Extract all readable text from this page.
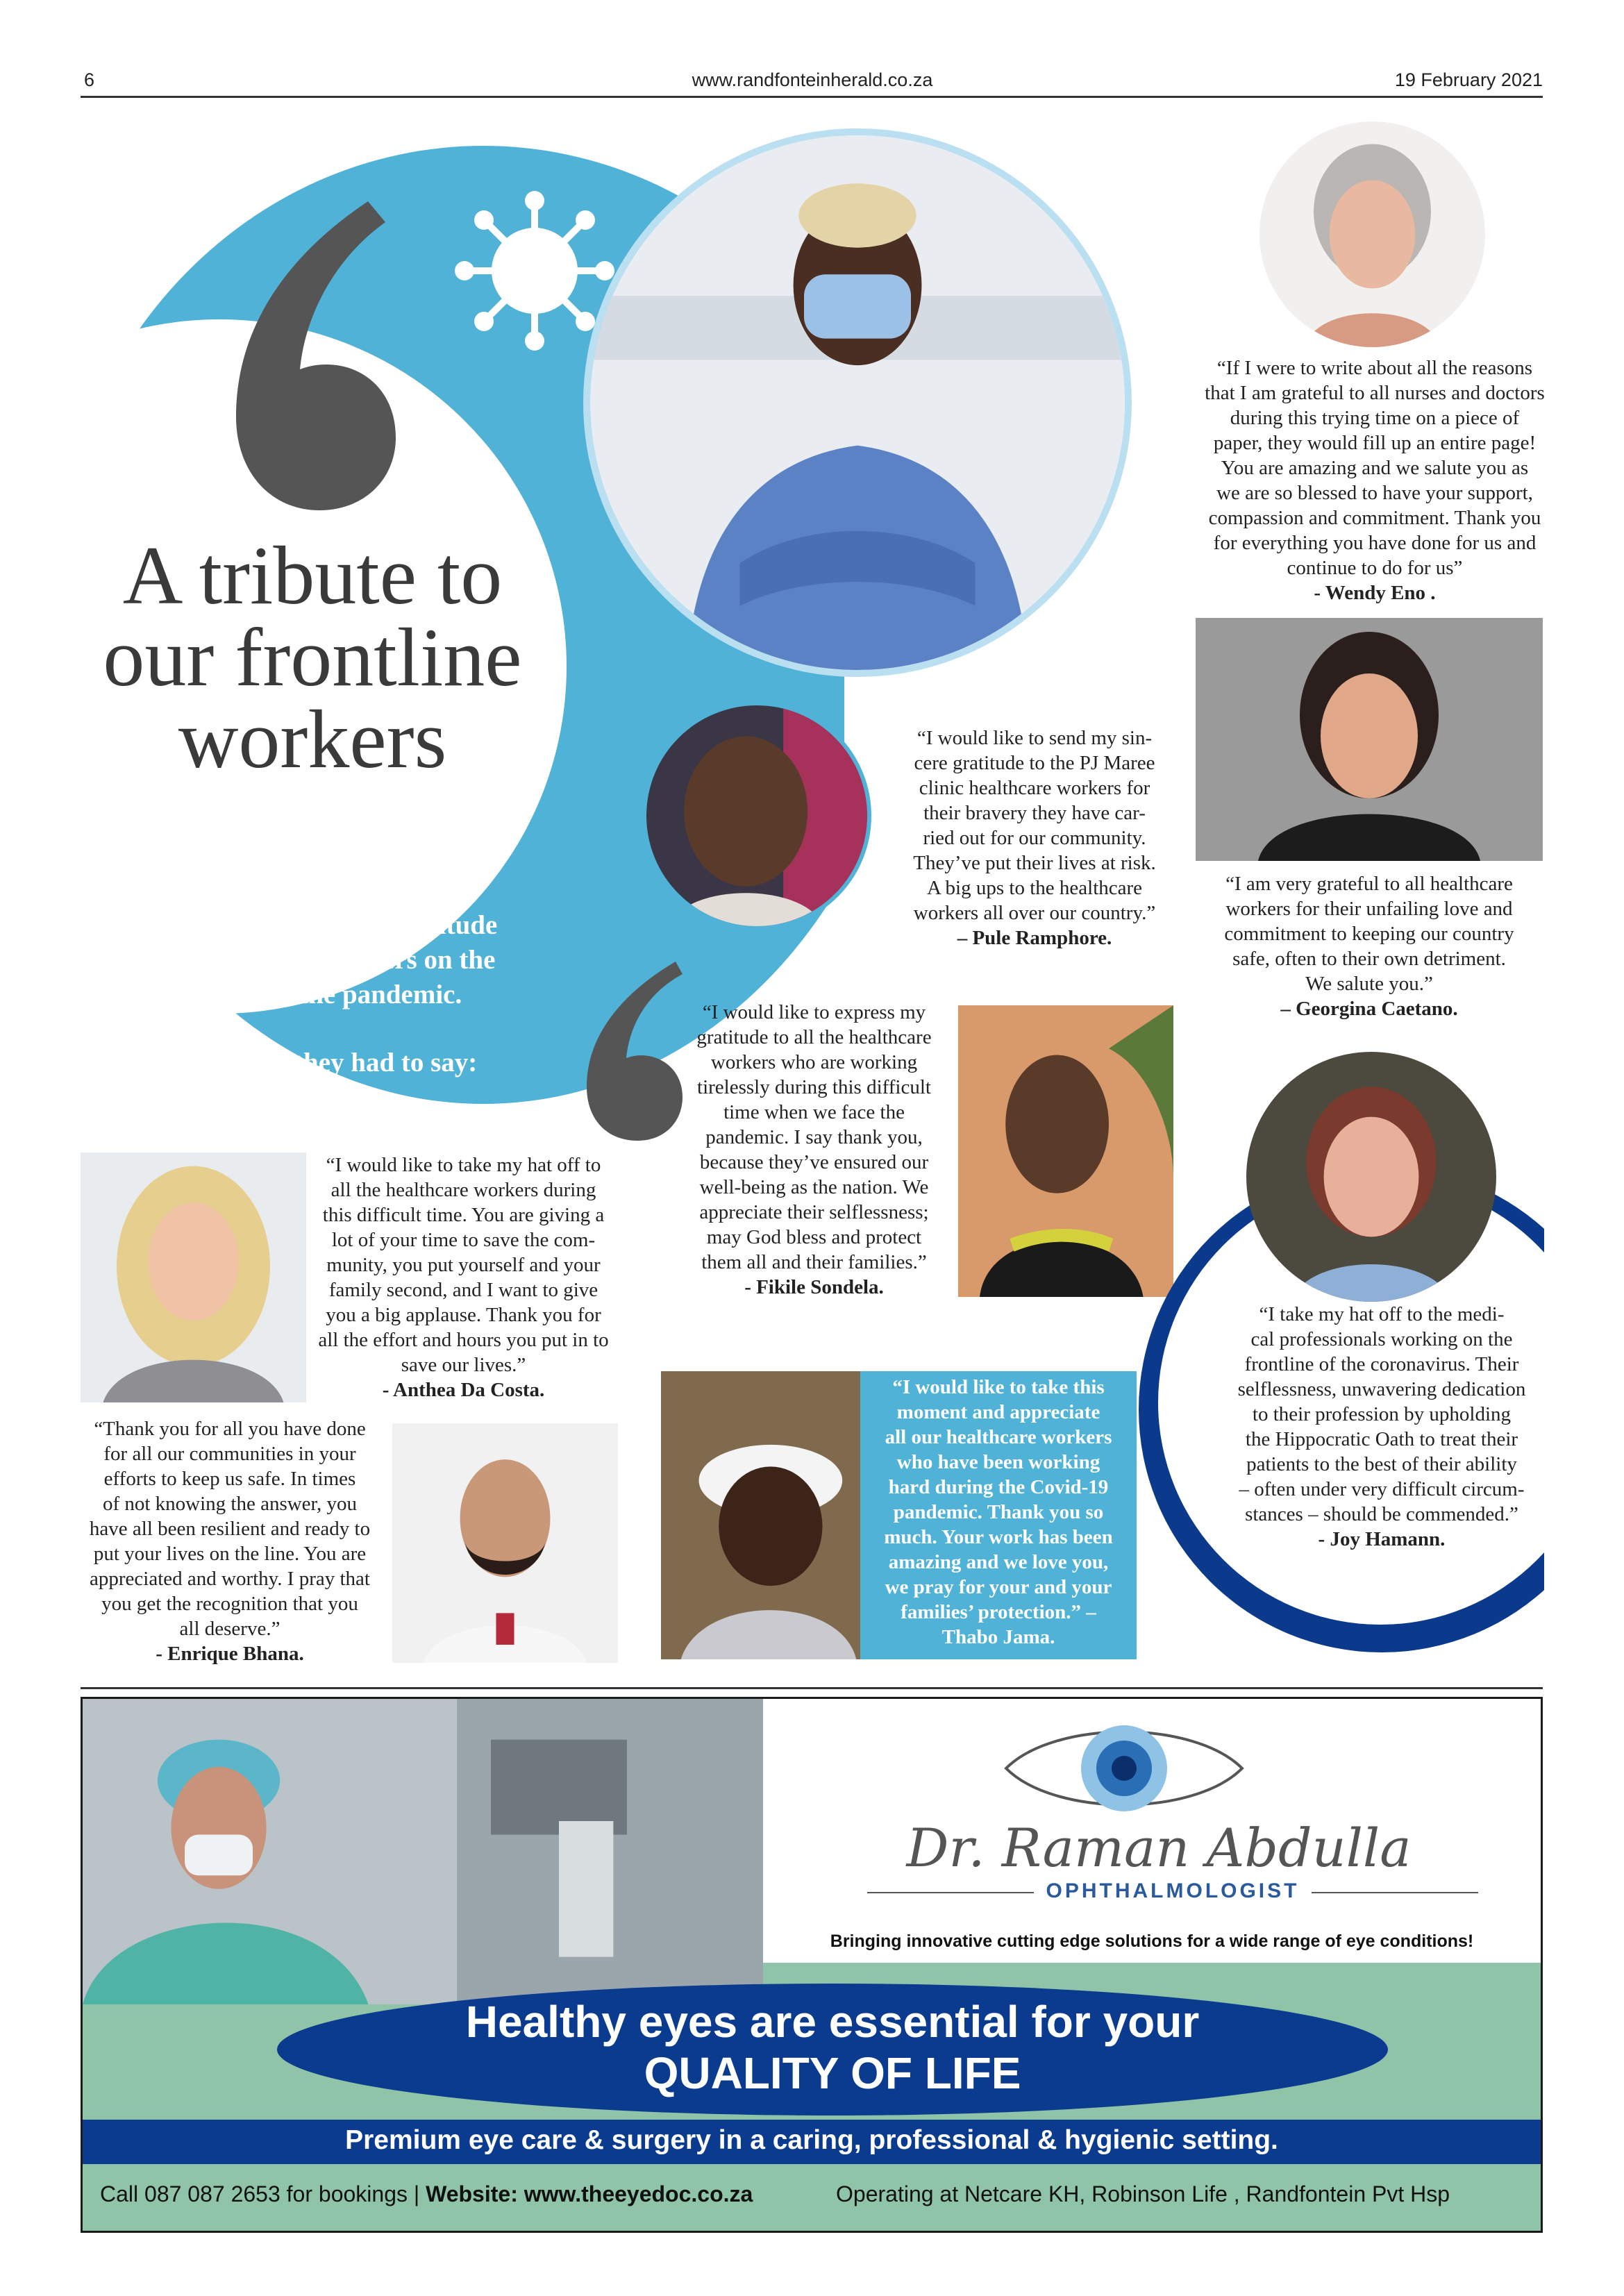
6	www.randfonteinherald.co.za	19 February 2021
A tribute to
our frontline
workers
Locals expressed their gratitude
to all healthcare workers on the
frontline of the pandemic.
This is what they had to say:
“If I were to write about all the reasons
that I am grateful to all nurses and doctors
during this trying time on a piece of
paper, they would fill up an entire page!
You are amazing and we salute you as
we are so blessed to have your support,
compassion and commitment. Thank you
for everything you have done for us and
continue to do for us”
- Wendy Eno .
“I am very grateful to all healthcare
workers for their unfailing love and
commitment to keeping our country
safe, often to their own detriment.
We salute you.”
– Georgina Caetano.
“I would like to send my sin-
cere gratitude to the PJ Maree
clinic healthcare workers for
their bravery they have car-
ried out for our community.
They’ve put their lives at risk.
A big ups to the healthcare
workers all over our country.”
– Pule Ramphore.
“I would like to express my
gratitude to all the healthcare
workers who are working
tirelessly during this difficult
time when we face the
pandemic. I say thank you,
because they’ve ensured our
well-being as the nation. We
appreciate their selflessness;
may God bless and protect
them all and their families.”
- Fikile Sondela.
“I would like to take my hat off to
all the healthcare workers during
this difficult time. You are giving a
lot of your time to save the com-
munity, you put yourself and your
family second, and I want to give
you a big applause. Thank you for
all the effort and hours you put in to
save our lives.”
- Anthea Da Costa.
“I take my hat off to the medi-
cal professionals working on the
frontline of the coronavirus. Their
selflessness, unwavering dedication
to their profession by upholding
the Hippocratic Oath to treat their
patients to the best of their ability
– often under very difficult circum-
stances – should be commended.”
- Joy Hamann.
“Thank you for all you have done
for all our communities in your
efforts to keep us safe. In times
of not knowing the answer, you
have all been resilient and ready to
put your lives on the line. You are
appreciated and worthy. I pray that
you get the recognition that you
all deserve.”
- Enrique Bhana.
“I would like to take this
moment and appreciate
all our healthcare workers
who have been working
hard during the Covid-19
pandemic. Thank you so
much. Your work has been
amazing and we love you,
we pray for your and your
families’ protection.” –
Thabo Jama.
Dr. Raman Abdulla
OPHTHALMOLOGIST
Bringing innovative cutting edge solutions for a wide range of eye conditions!
Healthy eyes are essential for your
QUALITY OF LIFE
Premium eye care & surgery in a caring, professional & hygienic setting.
Call 087 087 2653 for bookings | Website: www.theeyedoc.co.za	Operating at Netcare KH, Robinson Life , Randfontein Pvt Hsp
